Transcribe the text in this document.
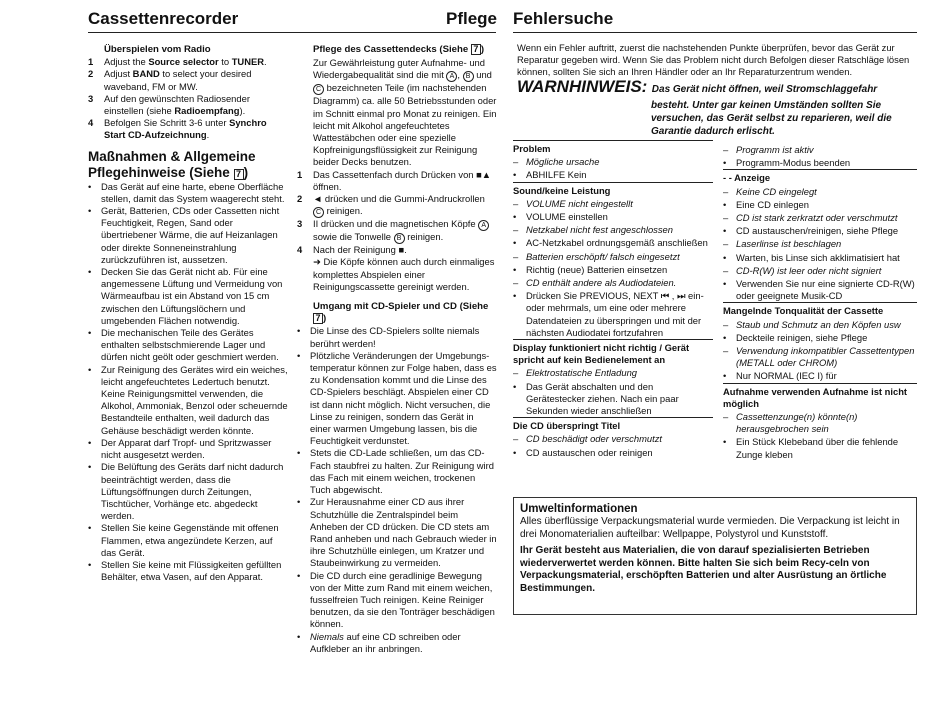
Cassettenrecorder	Pflege Fehlersuche
Überspielen vom Radio
1	Adjust the Source selector to TUNER.
2	Adjust BAND to select your desired waveband, FM or MW.
3	Auf den gewünschten Radiosender einstellen (siehe Radioempfang).
4	Befolgen Sie Schritt 3-6 unter Synchro Start CD-Aufzeichnung.
Maßnahmen & Allgemeine Pflegehinweise (Siehe 7 )
•	Das Gerät auf eine harte, ebene Oberfläche stellen, damit das System waagerecht steht.
•	Gerät, Batterien, CDs oder Cassetten nicht Feuchtigkeit, Regen, Sand oder übertriebener Wärme, die auf Heizanlagen oder direkte Sonneneinstrahlung zurückzuführen ist, aussetzen.
•	Decken Sie das Gerät nicht ab. Für eine angemessene Lüftung und Vermeidung von Wärmeaufbau ist ein Abstand von 15 cm zwischen den Lüftungslöchern und umgebenden Flächen notwendig.
•	Die mechanischen Teile des Gerätes enthalten selbstschmierende Lager und dürfen nicht geölt oder geschmiert werden.
•	Zur Reinigung des Gerätes wird ein weiches, leicht angefeuchtetes Ledertuch benutzt. Keine Reinigungsmittel verwenden, die Alkohol, Ammoniak, Benzol oder scheuernde Bestandteile enthalten, weil dadurch das Gehäuse beschädigt werden könnte.
•	Der Apparat darf Tropf- und Spritzwasser nicht ausgesetzt werden.
•	Die Belüftung des Geräts darf nicht dadurch beeinträchtigt werden, dass die Lüftungsöffnungen durch Zeitungen, Tischtücher, Vorhänge etc. abgedeckt werden.
•	Stellen Sie keine Gegenstände mit offenen Flammen, etwa angezündete Kerzen, auf das Gerät.
•	Stellen Sie keine mit Flüssigkeiten gefüllten Behälter, etwa Vasen, auf den Apparat.
Pflege des Cassettendecks (Siehe 7 )
Zur Gewährleistung guter Aufnahme- und Wiedergabequalität sind die mit A , B und C bezeichneten Teile (im nachstehenden Diagramm) ca. alle 50 Betriebsstunden oder im Schnitt einmal pro Monat zu reinigen. Ein leicht mit Alkohol angefeuchtetes Wattestäbchen oder eine spezielle Kopfreinigungsflüssigkeit zur Reinigung beider Decks benutzen.
1	Das Cassettenfach durch Drücken von ■▲ öffnen.
2	◄ drücken und die Gummi-Andruckrollen C reinigen.
3	II drücken und die magnetischen Köpfe A sowie die Tonwelle B reinigen.
4	Nach der Reinigung ■.
➜ Die Köpfe können auch durch einmaliges komplettes Abspielen einer Reinigungscassette gereinigt werden.
Umgang mit CD-Spieler und CD (Siehe 7 )
•	Die Linse des CD-Spielers sollte niemals berührt werden!
•	Plötzliche Veränderungen der Umgebungs-temperatur können zur Folge haben, dass es zu Kondensation kommt und die Linse des CD-Spielers beschlägt. Abspielen einer CD ist dann nicht möglich. Nicht versuchen, die Linse zu reinigen, sondern das Gerät in einer warmen Umgebung lassen, bis die Feuchtigkeit verdunstet.
•	Stets die CD-Lade schließen, um das CD-Fach staubfrei zu halten. Zur Reinigung wird das Fach mit einem weichen, trockenen Tuch abgewischt.
•	Zur Herausnahme einer CD aus ihrer Schutzhülle die Zentralspindel beim Anheben der CD drücken. Die CD stets am Rand anheben und nach Gebrauch wieder in ihre Schutzhülle einlegen, um Kratzer und Staubeinwirkung zu vermeiden.
•	Die CD durch eine geradlinige Bewegung von der Mitte zum Rand mit einem weichen, fusselfreien Tuch reinigen. Keine Reiniger benutzen, da sie den Tonträger beschädigen können.
•	Niemals auf eine CD schreiben oder Aufkleber an ihr anbringen.
Wenn ein Fehler auftritt, zuerst die nachstehenden Punkte überprüfen, bevor das Gerät zur Reparatur gegeben wird. Wenn Sie das Problem nicht durch Befolgen dieser Ratschläge lösen können, sollten Sie sich an Ihren Händler oder an Ihr Reparaturzentrum wenden.
WARNHINWEIS: Das Gerät nicht öffnen, weil Stromschlaggefahr
besteht. Unter gar keinen Umständen sollten Sie versuchen, das Gerät selbst zu reparieren, weil die Garantie dadurch erlischt.
Problem
– Mögliche ursache
•	ABHILFE Kein
Sound/keine Leistung
– VOLUME nicht eingestellt
•	VOLUME einstellen
– Netzkabel nicht fest angeschlossen
•	AC-Netzkabel ordnungsgemäß anschließen
– Batterien erschöpft/ falsch eingesetzt
•	Richtig (neue) Batterien einsetzen
– CD enthält andere als Audiodateien.
•	Drücken Sie PREVIOUS, NEXT ⏮ , ⏭ ein- oder mehrmals, um eine oder mehrere Datendateien zu überspringen und mit der nächsten Audiodatei fortzufahren
Display funktioniert nicht richtig / Gerät spricht auf kein Bedienelement an
– Elektrostatische Entladung
•	Das Gerät abschalten und den Gerätestecker ziehen. Nach ein paar Sekunden wieder anschließen
Die CD überspringt Titel
– CD beschädigt oder verschmutzt
•	CD austauschen oder reinigen
– Programm ist aktiv
•	Programm-Modus beenden
- - Anzeige
– Keine CD eingelegt
•	Eine CD einlegen
– CD ist stark zerkratzt oder verschmutzt
•	CD austauschen/reinigen, siehe Pflege
– Laserlinse ist beschlagen
•	Warten, bis Linse sich akklimatisiert hat
– CD-R(W) ist leer oder nicht signiert
•	Verwenden Sie nur eine signierte CD-R(W) oder geeignete Musik-CD
Mangelnde Tonqualität der Cassette
– Staub und Schmutz an den Köpfen usw
•	Deckteile reinigen, siehe Pflege
– Verwendung inkompatibler Cassettentypen (METALL oder CHROM)
•	Nur NORMAL (IEC I) für
Aufnahme verwenden Aufnahme ist nicht möglich
– Cassettenzunge(n) könnte(n) herausgebrochen sein
•	Ein Stück Klebeband über die fehlende Zunge kleben
Umweltinformationen
Alles überflüssige Verpackungsmaterial wurde vermieden. Die Verpackung ist leicht in drei Monomaterialien aufteilbar: Wellpappe, Polystyrol und Kunststoff.
Ihr Gerät besteht aus Materialien, die von darauf spezialisierten Betrieben wiederverwertet werden können. Bitte halten Sie sich beim Recy-celn von Verpackungsmaterial, erschöpften Batterien und alter Ausrüstung an örtliche Bestimmungen.
